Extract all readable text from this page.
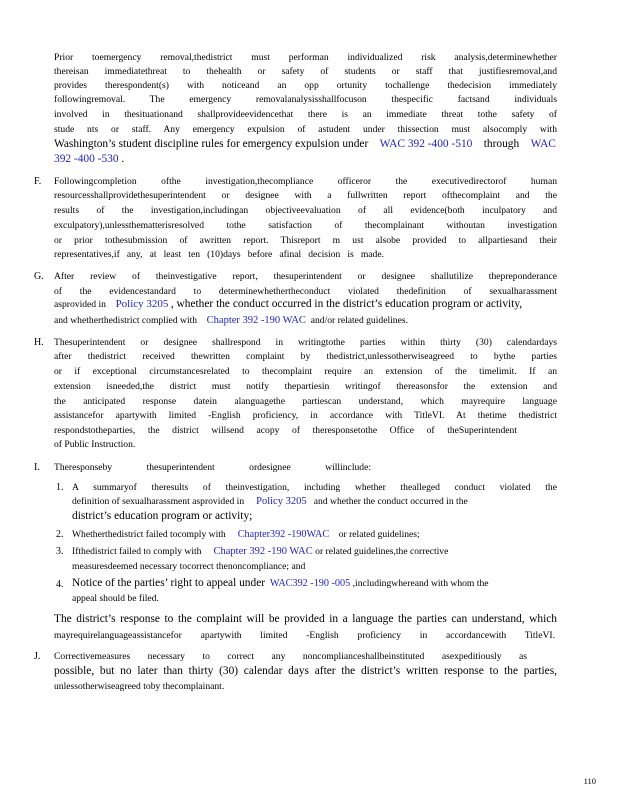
Prior toemergency removal,thedistrict must performan individualized risk analysis,determinewhether
thereisan immediatethreat to thehealth or safety of students or staff that justifiesremoval,and
provides therespondent(s) with noticeand an opp ortunity tochallenge thedecision immediately
followingremoval. The emergency removalanalysisshallfocuson thespecific factsand individuals
involved in thesituationand shallprovideevidencethat there is an immediate threat tothe safety of
stude nts or staff. Any emergency expulsion of astudent under thissection must alsocomply with
Washington’s student discipline rules for emergency expulsion under WAC 392 -400 -510 through WAC
392 -400 -530 .
F. Followingcompletion ofthe investigation,thecompliance officeror the executivedirectorof human
resourcesshallprovidethesuperintendent or designee with a fullwritten report ofthecomplaint and the
results of the investigation,includingan objectiveevaluation of all evidence(both inculpatory and
exculpatory),unlessthematterisresolved tothe satisfaction of thecomplainant withoutan investigation
or prior tothesubmission of awritten report. Thisreport m ust alsobe provided to allpartiesand their
representatives,if any, at least ten (10)days before afinal decision is made.
G. After review of theinvestigative report, thesuperintendent or designee shallutilize thepreponderance
of the evidencestandard to determinewhethertheconduct violated thedefinition of sexualharassment
asprovided in Policy 3205 , whether the conduct occurred in the district’s education program or activity,
and whetherthedistrict complied with Chapter 392 -190 WAC and/or related guidelines.
H. Thesuperintendent or designee shallrespond in writingtothe parties within thirty (30) calendardays
after thedistrict received thewritten complaint by thedistrict,unlessotherwiseagreed to bythe parties
or if exceptional circumstancesrelated to thecomplaint require an extension of the timelimit. If an
extension isneeded,the district must notify thepartiesin writingof thereasonsfor the extension and
the anticipated response datein alanguagethe partiescan understand, which mayrequire language
assistancefor apartywith limited -English proficiency, in accordance with TitleVI. At thetime thedistrict
respondstotheparties, the district willsend acopy of theresponsetothe Office of theSuperintendent
of Public Instruction.
I. Theresponseby thesuperintendent ordesignee willinclude:
1. A summaryof theresults of theinvestigation, including whether thealleged conduct violated the
definition of sexualharassment asprovided in Policy 3205 and whether the conduct occurred in the
district’s education program or activity;
2. Whetherthedistrict failed tocomply with Chapter392 -190WAC or related guidelines;
3. Ifthedistrict failed to comply with Chapter 392 -190 WAC or related guidelines,the corrective
measuresdeemed necessary tocorrect thenoncompliance; and
4. Notice of the parties’ right to appeal under WAC392 -190 -005 ,includingwhereand with whom the
appeal should be filed.
The district’s response to the complaint will be provided in a language the parties can understand, which
mayrequirelanguageassistancefor apartywith limited -English proficiency in accordancewith TitleVI.
J. Correctivemeasures necessary to correct any noncomplianceshallbeinstituted asexpeditiously as
possible, but no later than thirty (30) calendar days after the district’s written response to the parties,
unlessotherwiseagreed toby thecomplainant.
110
